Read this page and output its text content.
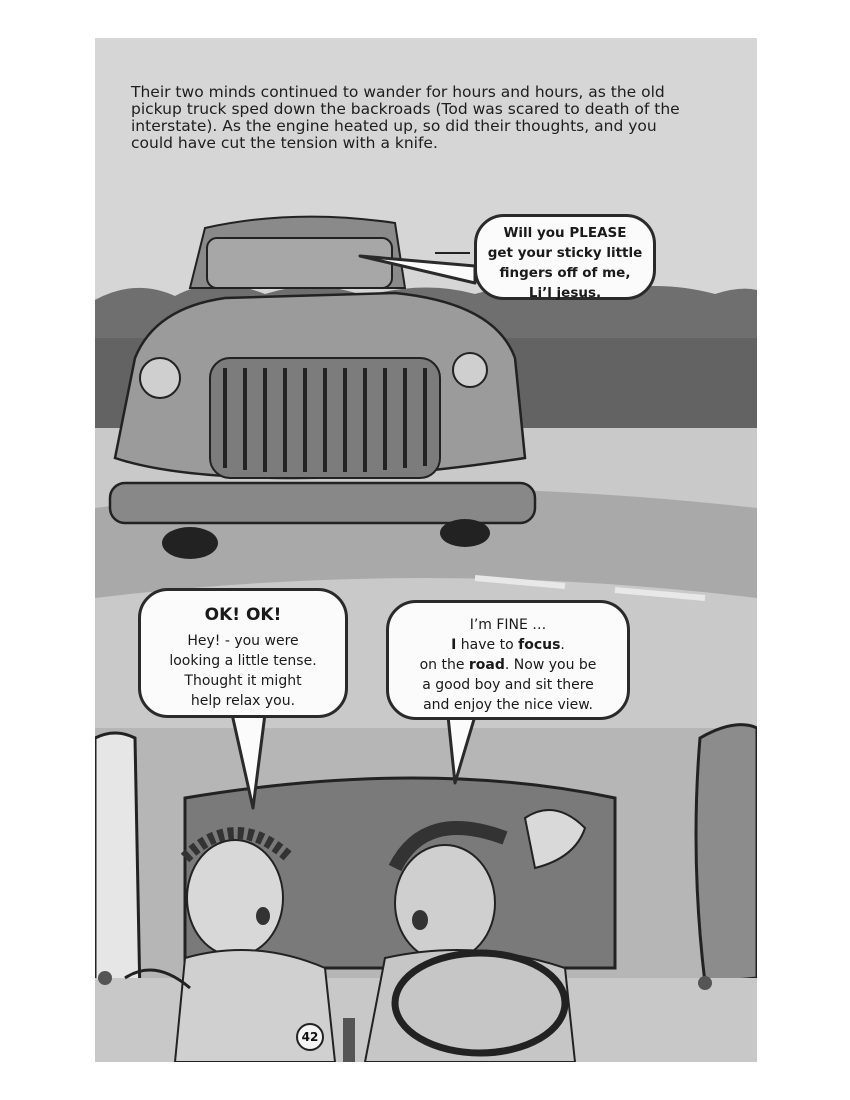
Their two minds continued to wander for hours and hours, as the old
pickup truck sped down the backroads (Tod was scared to death of the
interstate). As the engine heated up, so did their thoughts, and you
could have cut the tension with a knife.

Will you PLEASE
get your sticky little
fingers off of me,
Li’l jesus.
OK! OK!
Hey! - you were
looking a little tense.
Thought it might
help relax you.
I’m FINE …
I have to focus.
on the road. Now you be
a good boy and sit there
and enjoy the nice view.
42
